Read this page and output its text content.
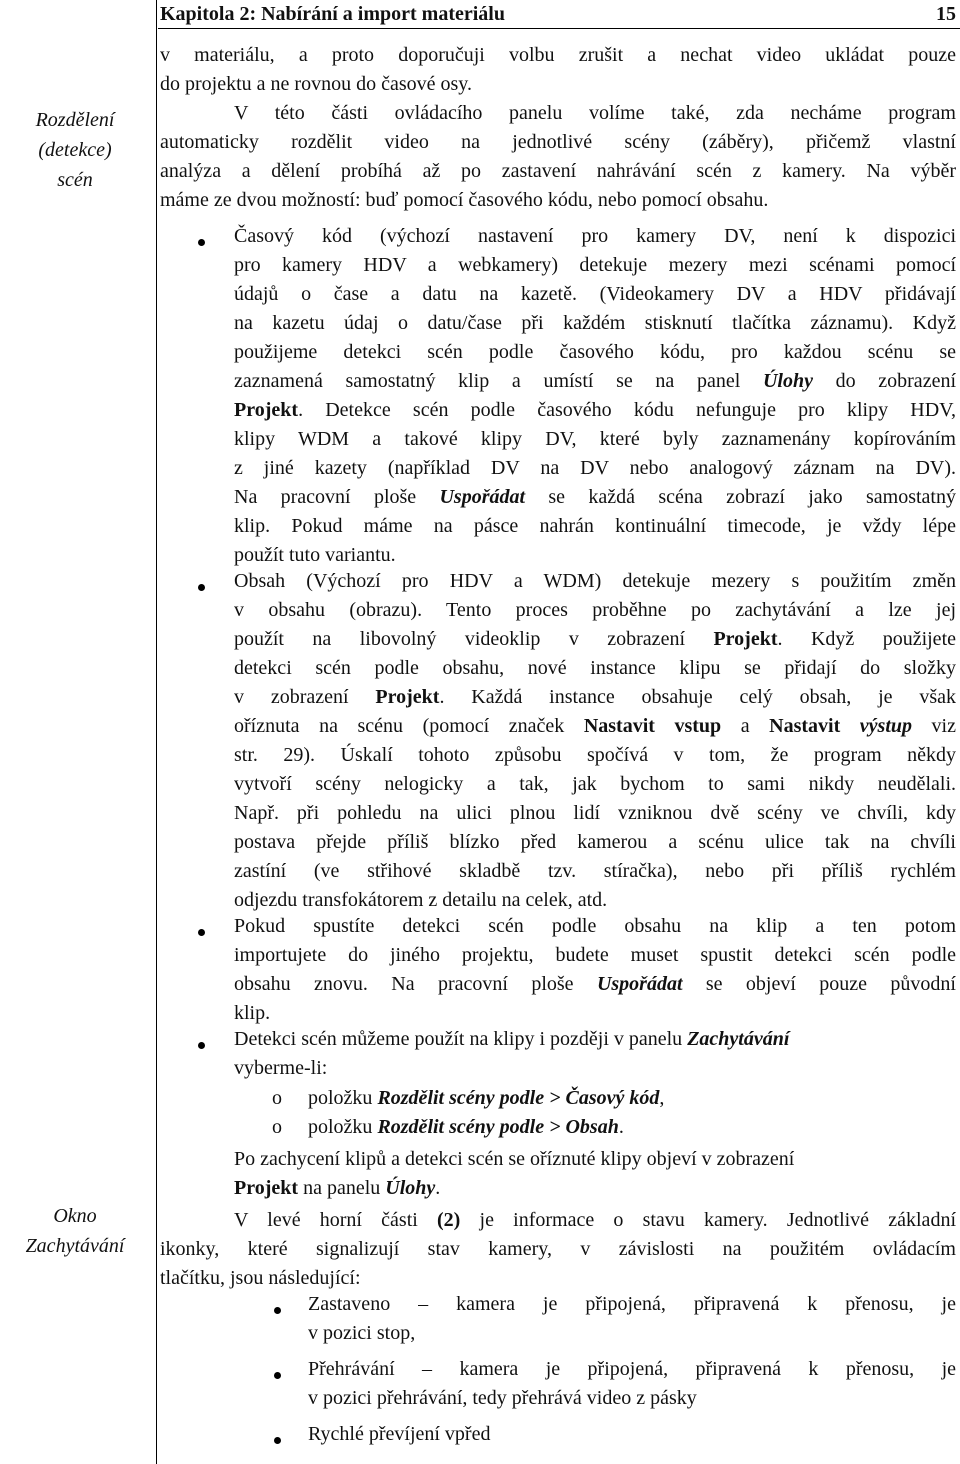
Kapitola 2: Nabírání a import materiálu	15
Rozdělení
(detekce)
scén
Okno
Zachytávání
v materiálu, a proto doporučuji volbu zrušit a nechat video ukládat pouze
do projektu a ne rovnou do časové osy.
V této části ovládacího panelu volíme také, zda necháme program
automaticky rozdělit video na jednotlivé scény (záběry), přičemž vlastní
analýza a dělení probíhá až po zastavení nahrávání scén z kamery. Na výběr
máme ze dvou možností: buď pomocí časového kódu, nebo pomocí obsahu.
Časový kód (výchozí nastavení pro kamery DV, není k dispozici
pro kamery HDV a webkamery) detekuje mezery mezi scénami pomocí
údajů o čase a datu na kazetě. (Videokamery DV a HDV přidávají
na kazetu údaj o datu/čase při každém stisknutí tlačítka záznamu). Když
použijeme detekci scén podle časového kódu, pro každou scénu se
zaznamená samostatný klip a umístí se na panel Úlohy do zobrazení
Projekt. Detekce scén podle časového kódu nefunguje pro klipy HDV,
klipy WDM a takové klipy DV, které byly zaznamenány kopírováním
z jiné kazety (například DV na DV nebo analogový záznam na DV).
Na pracovní ploše Uspořádat se každá scéna zobrazí jako samostatný
klip. Pokud máme na pásce nahrán kontinuální timecode, je vždy lépe
použít tuto variantu.
Obsah (Výchozí pro HDV a WDM) detekuje mezery s použitím změn
v obsahu (obrazu). Tento proces proběhne po zachytávání a lze jej
použít na libovolný videoklip v zobrazení Projekt. Když použijete
detekci scén podle obsahu, nové instance klipu se přidají do složky
v zobrazení Projekt. Každá instance obsahuje celý obsah, je však
oříznuta na scénu (pomocí značek Nastavit vstup a Nastavit výstup viz
str. 29). Úskalí tohoto způsobu spočívá v tom, že program někdy
vytvoří scény nelogicky a tak, jak bychom to sami nikdy neudělali.
Např. při pohledu na ulici plnou lidí vzniknou dvě scény ve chvíli, kdy
postava přejde příliš blízko před kamerou a scénu ulice tak na chvíli
zastíní (ve střihové skladbě tzv. stíračka), nebo při příliš rychlém
odjezdu transfokátorem z detailu na celek, atd.
Pokud spustíte detekci scén podle obsahu na klip a ten potom
importujete do jiného projektu, budete muset spustit detekci scén podle
obsahu znovu. Na pracovní ploše Uspořádat se objeví pouze původní
klip.
Detekci scén můžeme použít na klipy i později v panelu Zachytávání
vyberme-li:
o položku Rozdělit scény podle > Časový kód,
o položku Rozdělit scény podle > Obsah.
Po zachycení klipů a detekci scén se oříznuté klipy objeví v zobrazení
Projekt na panelu Úlohy.
V levé horní části (2) je informace o stavu kamery. Jednotlivé základní
ikonky, které signalizují stav kamery, v závislosti na použitém ovládacím
tlačítku, jsou následující:
Zastaveno – kamera je připojená, připravená k přenosu, je
v pozici stop,
Přehrávání – kamera je připojená, připravená k přenosu, je
v pozici přehrávání, tedy přehrává video z pásky
Rychlé převíjení vpřed
